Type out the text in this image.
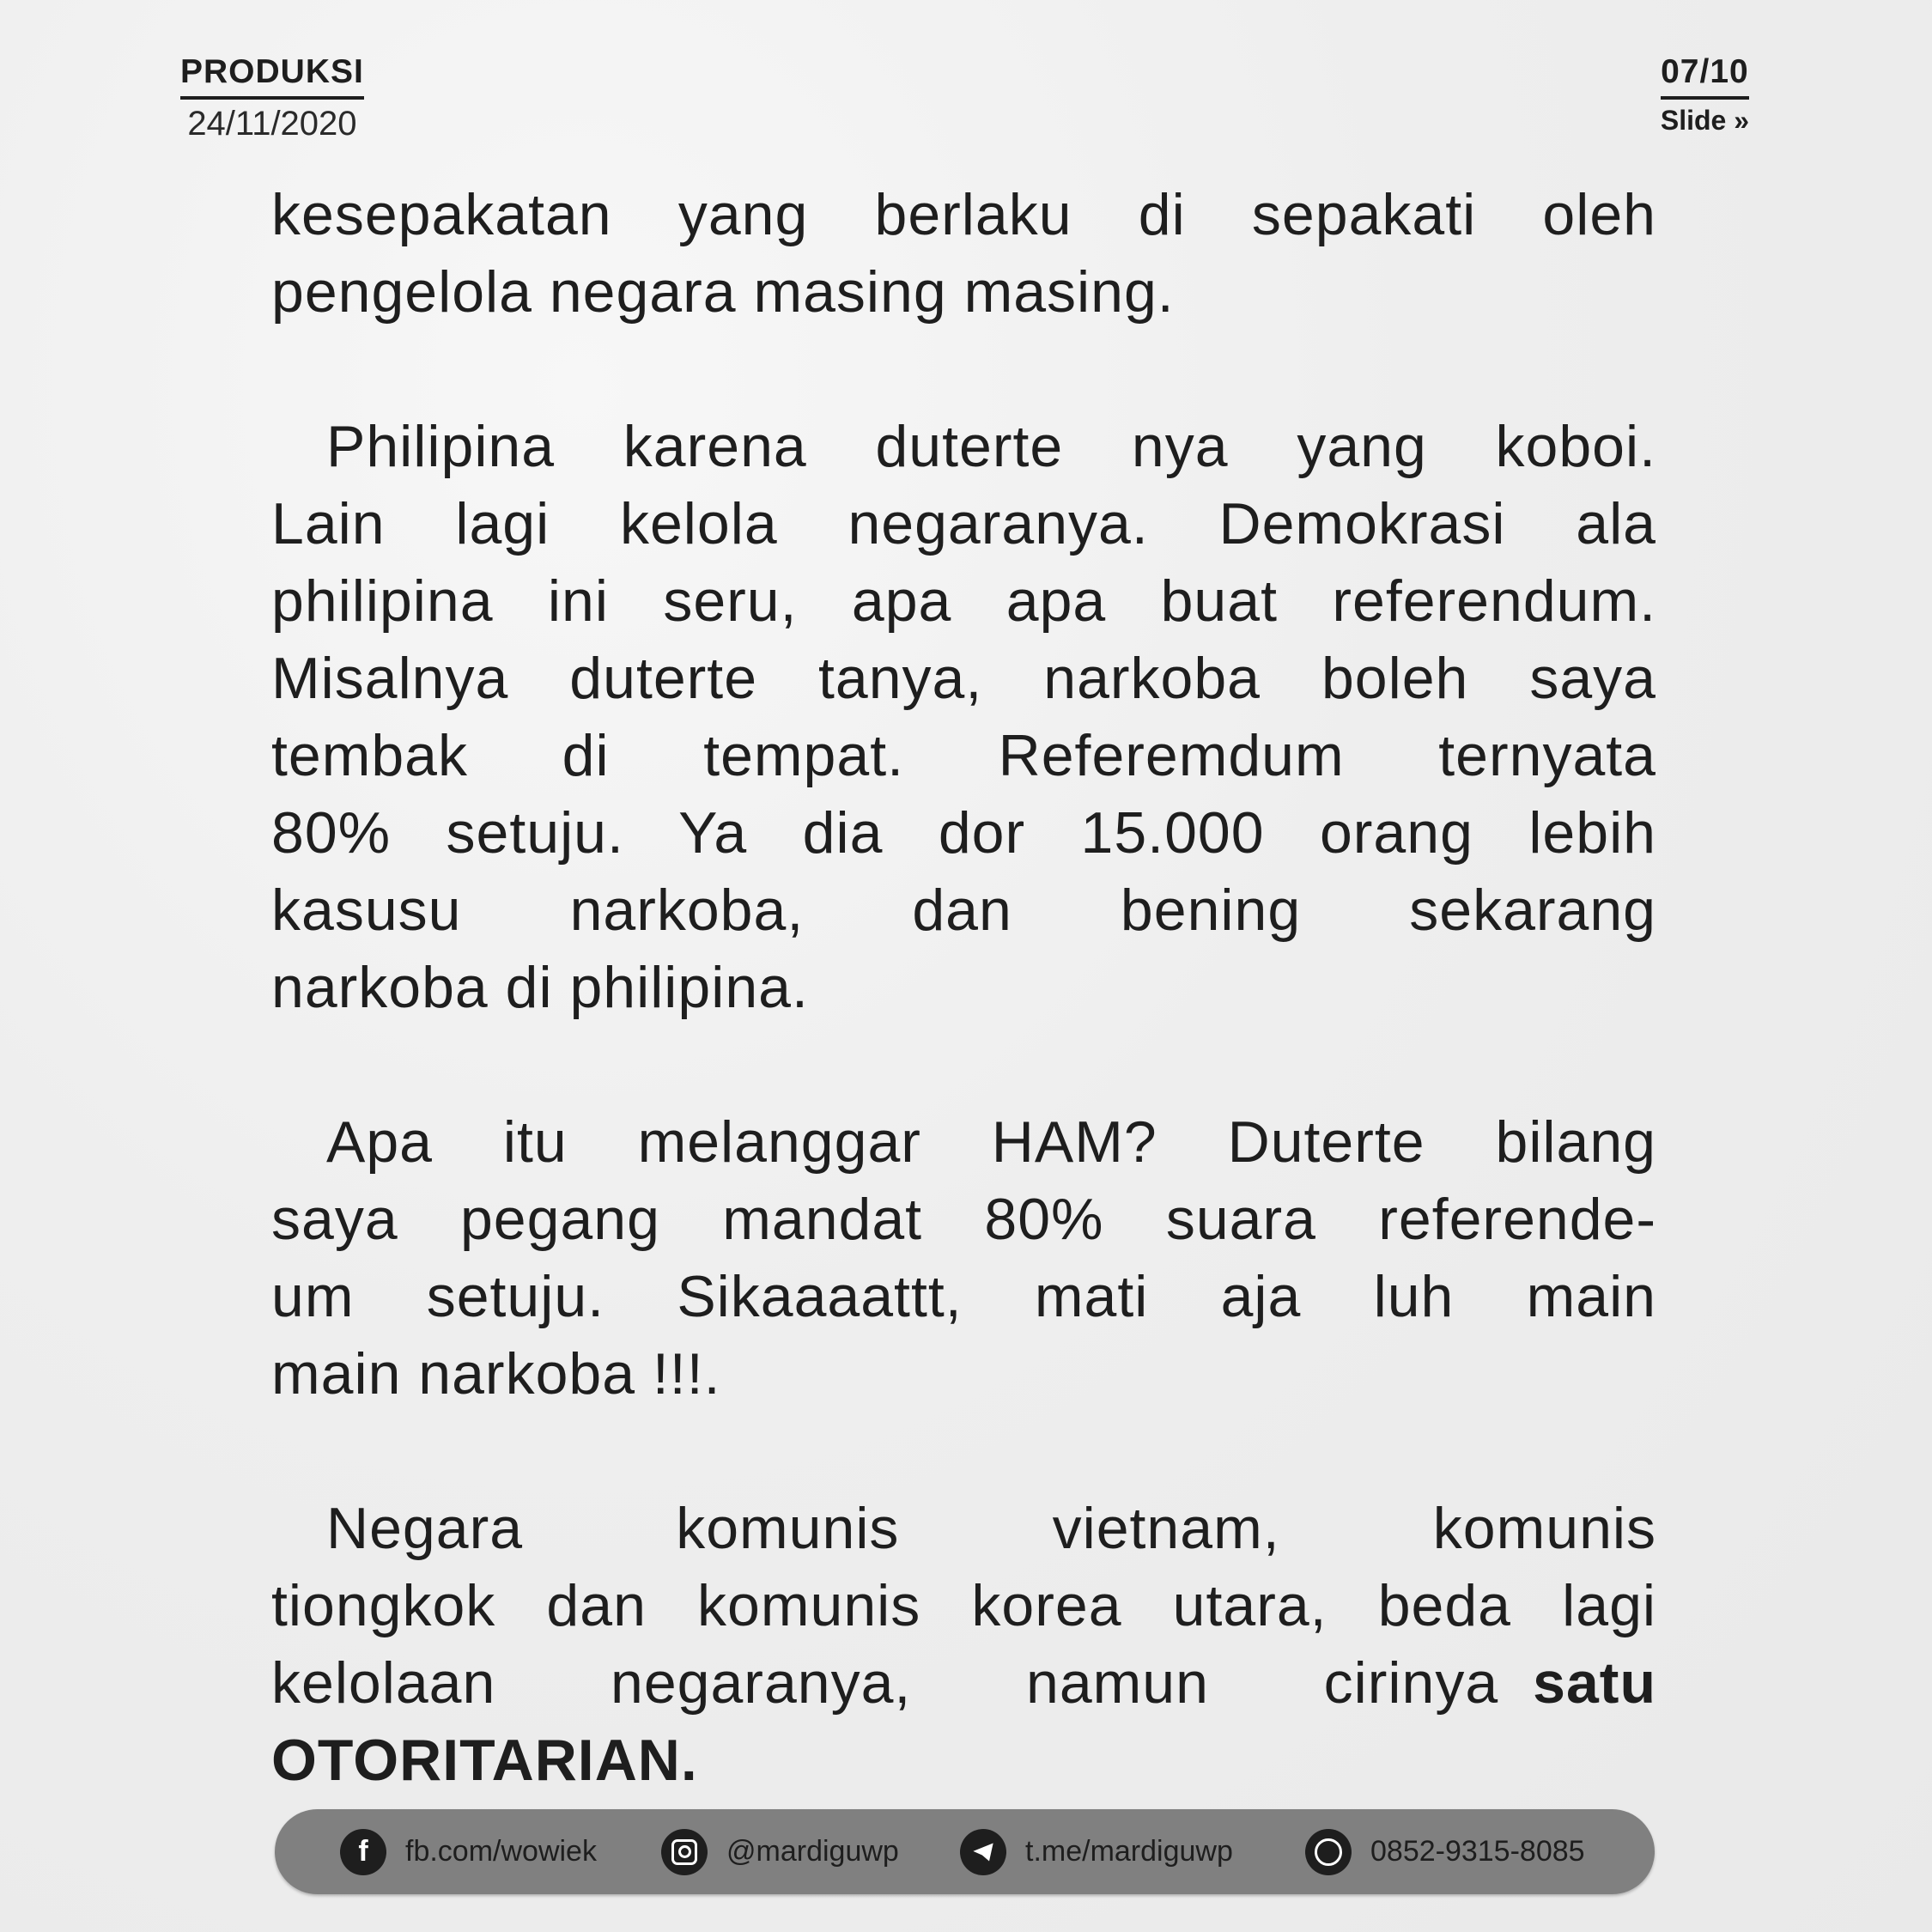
PRODUKSI
24/11/2020
07/10
Slide »
kesepakatan yang berlaku di sepakati oleh
pengelola negara masing masing.
Philipina karena duterte nya yang koboi.
Lain lagi kelola negaranya. Demokrasi ala
philipina ini seru, apa apa buat referendum.
Misalnya duterte tanya, narkoba boleh saya
tembak di tempat. Referemdum ternyata
80% setuju. Ya dia dor 15.000 orang lebih
kasusu narkoba, dan bening sekarang
narkoba di philipina.
Apa itu melanggar HAM? Duterte bilang
saya pegang mandat 80% suara referende-
um setuju. Sikaaaattt, mati aja luh main
main narkoba !!!.
Negara komunis vietnam, komunis
tiongkok dan komunis korea utara, beda lagi
kelolaan negaranya, namun cirinya satu
OTORITARIAN.
f	fb.com/wowiek	@mardiguwp	t.me/mardiguwp	0852-9315-8085
